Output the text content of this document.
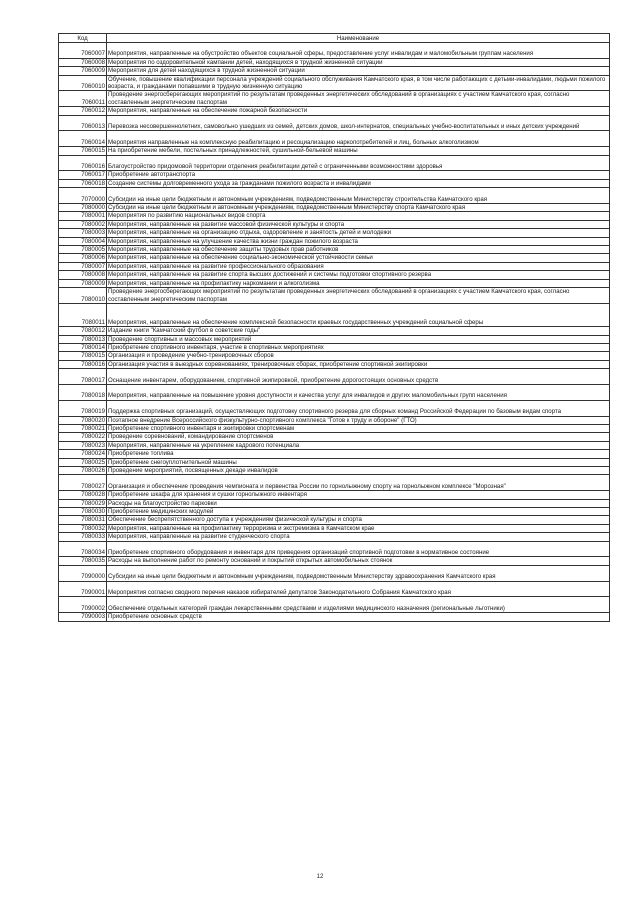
Код	Наименование
7060007	Мероприятия, направленные на обустройство объектов социальной сферы, предоставление услуг инвалидам и маломобильным группам населения
7060008	Мероприятия по оздоровительной кампании детей, находящихся в трудной жизненной ситуации
7060009	Мероприятия для детей находящихся в трудной жизненной ситуации
7060010	Обучение, повышение квалификации персонала учреждений социального обслуживания Камчатского края, в том числе работающих с детьми-инвалидами, людьми пожилого возраста, и гражданами попавшими в трудную жизненную ситуацию
7060011	Проведение энергосберегающих мероприятий по результатам проведенных энергетических обследований в организациях с участием Камчатского края, согласно составленным энергетическим паспортам
7060012	Мероприятия, направленные на обеспечение пожарной безопасности
7060013	Перевозка несовершеннолетних, самовольно ушедших из семей, детских домов, школ-интернатов, специальных учебно-воспитательных и иных детских учреждений
7060014	Мероприятия направленные на комплексную реабилитацию и ресоциализацию наркопотребителей и лиц, больных алкоголизмом
7060015	На приобретение мебели, постельных принадлежностей, сушильной-бельевой машины
7060016	Благоустройство придомовой территории отделения реабилитации детей с ограниченными возможностями здоровья
7060017	Приобретение автотранспорта
7060018	Создание системы долговременного ухода за гражданами пожилого возраста и инвалидами
7070000	Субсидии на иные цели бюджетным и автономным учреждениям, подведомственным Министерству строительства Камчатского края
7080000	Субсидии на иные цели бюджетным и автономным учреждениям, подведомственным Министерству спорта Камчатского края
7080001	Мероприятия по развитию национальных видов спорта
7080002	Мероприятия, направленные на развитие массовой физической культуры и спорта
7080003	Мероприятия, направленные на организацию отдыха, оздоровление и занятость детей и молодежи
7080004	Мероприятия, направленные на улучшение качества жизни граждан пожилого возраста
7080005	Мероприятия, направленные на обеспечение защиты трудовых прав работников
7080006	Мероприятия, направленные на обеспечение социально-экономической устойчивости семьи
7080007	Мероприятия, направленные на развитие профессионального образования
7080008	Мероприятия, направленные на развитие спорта высших достижений и системы подготовки спортивного резерва
7080009	Мероприятия, направленные на профилактику наркомании и алкоголизма
7080010	Проведение энергосберегающих мероприятий по результатам проведенных энергетических обследований в организациях с участием Камчатского края, согласно составленным энергетическим паспортам
7080011	Мероприятия, направленные на обеспечение комплексной безопасности краевых государственных учреждений социальной сферы
7080012	Издание книги "Камчатский футбол в советские годы"
7080013	Проведение спортивных и массовых мероприятий
7080014	Приобретение спортивного инвентаря, участие в спортивных мероприятиях
7080015	Организация и проведение учебно-тренировочных сборов
7080016	Организация участия в выездных соревнованиях, тренировочных сборах, приобретение спортивной экипировки
7080017	Оснащение инвентарем, оборудованием, спортивной экипировкой, приобретение дорогостоящих основных средств
7080018	Мероприятия, направленные на повышение уровня доступности и качества услуг для инвалидов и других маломобильных групп населения
7080019	Поддержка спортивных организаций, осуществляющих подготовку спортивного резерва для сборных команд Российской Федерации по базовым видам спорта
7080020	Поэтапное внедрение Всероссийского физкультурно-спортивного комплекса "Готов к труду и обороне" (ГТО)
7080021	Приобретение спортивного инвентаря и экипировки спортсменам
7080022	Проведение соревнований, командирование спортсменов
7080023	Мероприятия, направленные на укрепление кадрового потенциала
7080024	Приобретение топлива
7080025	Приобретение снегоуплотнительной машины
7080026	Проведение мероприятий, посвященных декаде инвалидов
7080027	Организация и обеспечение проведения чемпионата и первенства России по горнолыжному спорту на горнолыжном комплексе "Морозная"
7080028	Приобретение шкафа для хранения и сушки горнолыжного инвентаря
7080029	Расходы на благоустройство парковки
7080030	Приобретение медицинских модулей
7080031	Обеспечение беспрепятственного доступа к учреждениям физической культуры и спорта
7080032	Мероприятия, направленные на профилактику терроризма и экстремизма в Камчатском крае
7080033	Мероприятия, направленные на развитие студенческого спорта
7080034	Приобретение спортивного оборудования и инвентаря для приведения организаций спортивной подготовки в нормативное состояние
7080035	Расходы на выполнение работ по ремонту оснований и покрытий открытых автомобильных стоянок
7090000	Субсидии на иные цели бюджетным и автономным учреждениям, подведомственным Министерству здравоохранения Камчатского края
7090001	Мероприятия согласно сводного перечня наказов избирателей депутатов Законодательного Собрания Камчатского края
7090002	Обеспечение отдельных категорий граждан лекарственными средствами и изделиями медицинского назначения (региональные льготники)
7090003	Приобретение основных средств
12
